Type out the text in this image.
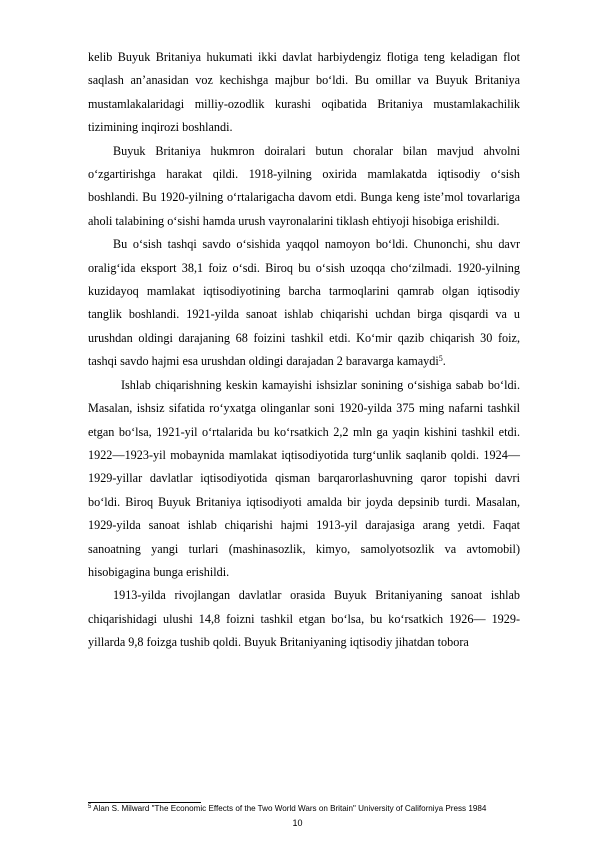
kelib Buyuk Britaniya hukumati ikki davlat harbiydengiz flotiga teng keladigan flot saqlash an’anasidan voz kechishga majbur bo‘ldi. Bu omillar va Buyuk Britaniya mustamlakalaridagi milliy-ozodlik kurashi oqibatida Britaniya mustamlakachilik tizimining inqirozi boshlandi.

Buyuk Britaniya hukmron doiralari butun choralar bilan mavjud ahvolni o‘zgartirishga harakat qildi. 1918-yilning oxirida mamlakatda iqtisodiy o‘sish boshlandi. Bu 1920-yilning o‘rtalarigacha davom etdi. Bunga keng iste’mol tovarlariga aholi talabining o‘sishi hamda urush vayronalarini tiklash ehtiyoji hisobiga erishildi.

Bu o‘sish tashqi savdo o‘sishida yaqqol namoyon bo‘ldi. Chunonchi, shu davr oralig‘ida eksport 38,1 foiz o‘sdi. Biroq bu o‘sish uzoqqa cho‘zilmadi. 1920-yilning kuzidayoq mamlakat iqtisodiyotining barcha tarmoqlarini qamrab olgan iqtisodiy tanglik boshlandi. 1921-yilda sanoat ishlab chiqarishi uchdan birga qisqardi va u urushdan oldingi darajaning 68 foizini tashkil etdi. Ko‘mir qazib chiqarish 30 foiz, tashqi savdo hajmi esa urushdan oldingi darajadan 2 baravarga kamaydi$^5$.

Ishlab chiqarishning keskin kamayishi ishsizlar sonining o‘sishiga sabab bo‘ldi. Masalan, ishsiz sifatida ro‘yxatga olinganlar soni 1920-yilda 375 ming nafarni tashkil etgan bo‘lsa, 1921-yil o‘rtalarida bu ko‘rsatkich 2,2 mln ga yaqin kishini tashkil etdi. 1922—1923-yil mobaynida mamlakat iqtisodiyotida turg‘unlik saqlanib qoldi. 1924—1929-yillar davlatlar iqtisodiyotida qisman barqarorlashuvning qaror topishi davri bo‘ldi. Biroq Buyuk Britaniya iqtisodiyoti amalda bir joyda depsinib turdi. Masalan, 1929-yilda sanoat ishlab chiqarishi hajmi 1913-yil darajasiga arang yetdi. Faqat sanoatning yangi turlari (mashinasozlik, kimyo, samolyotsozlik va avtomobil) hisobigagina bunga erishildi.

1913-yilda rivojlangan davlatlar orasida Buyuk Britaniyaning sanoat ishlab chiqarishidagi ulushi 14,8 foizni tashkil etgan bo‘lsa, bu ko‘rsatkich 1926— 1929-yillarda 9,8 foizga tushib qoldi. Buyuk Britaniyaning iqtisodiy jihatdan tobora

$^5$ Alan S. Milward "The Economic Effects of the Two World Wars on Britain" University of Californiya Press 1984
10
